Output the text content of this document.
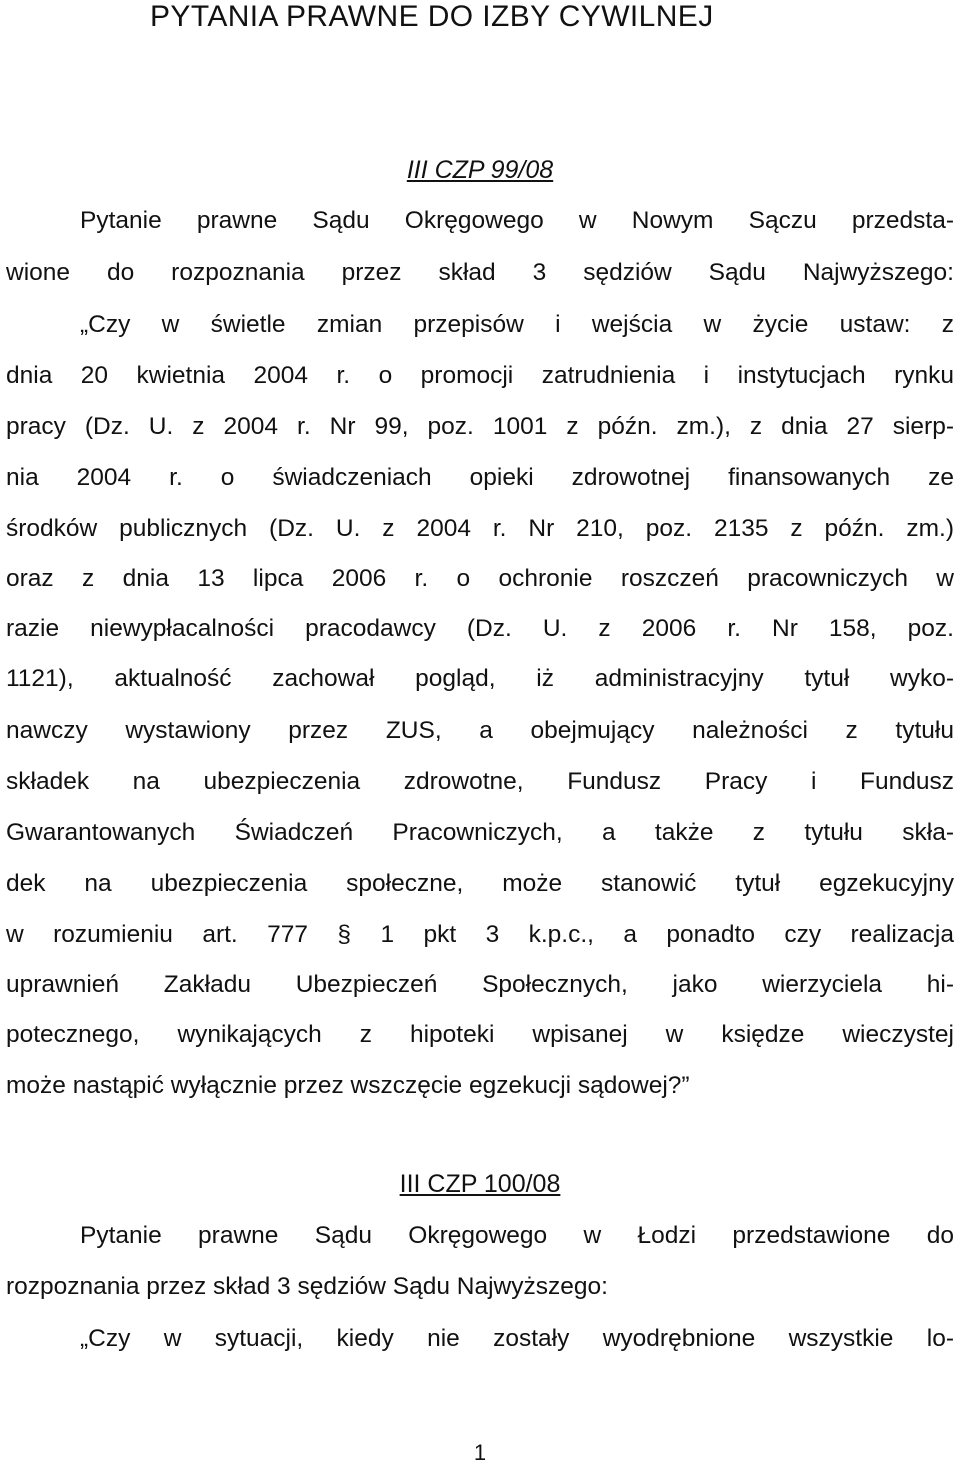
PYTANIA PRAWNE DO IZBY CYWILNEJ
III CZP 99/08
Pytanie prawne Sądu Okręgowego w Nowym Sączu przedsta-
wione do rozpoznania przez skład 3 sędziów Sądu Najwyższego:
„Czy w świetle zmian przepisów i wejścia w życie ustaw: z
dnia 20 kwietnia 2004 r. o promocji zatrudnienia i instytucjach rynku
pracy (Dz. U. z 2004 r. Nr 99, poz. 1001 z późn. zm.), z dnia 27 sierp-
nia 2004 r. o świadczeniach opieki zdrowotnej finansowanych ze
środków publicznych (Dz. U. z 2004 r. Nr 210, poz. 2135 z późn. zm.)
oraz z dnia 13 lipca 2006 r. o ochronie roszczeń pracowniczych w
razie niewypłacalności pracodawcy (Dz. U. z 2006 r. Nr 158, poz.
1121), aktualność zachował pogląd, iż administracyjny tytuł wyko-
nawczy wystawiony przez ZUS, a obejmujący należności z tytułu
składek na ubezpieczenia zdrowotne, Fundusz Pracy i Fundusz
Gwarantowanych Świadczeń Pracowniczych, a także z tytułu skła-
dek na ubezpieczenia społeczne, może stanowić tytuł egzekucyjny
w rozumieniu art. 777 § 1 pkt 3 k.p.c., a ponadto czy realizacja
uprawnień Zakładu Ubezpieczeń Społecznych, jako wierzyciela hi-
potecznego, wynikających z hipoteki wpisanej w księdze wieczystej
może nastąpić wyłącznie przez wszczęcie egzekucji sądowej?”
III CZP 100/08
Pytanie prawne Sądu Okręgowego w Łodzi przedstawione do
rozpoznania przez skład 3 sędziów Sądu Najwyższego:
„Czy w sytuacji, kiedy nie zostały wyodrębnione wszystkie lo-
1
